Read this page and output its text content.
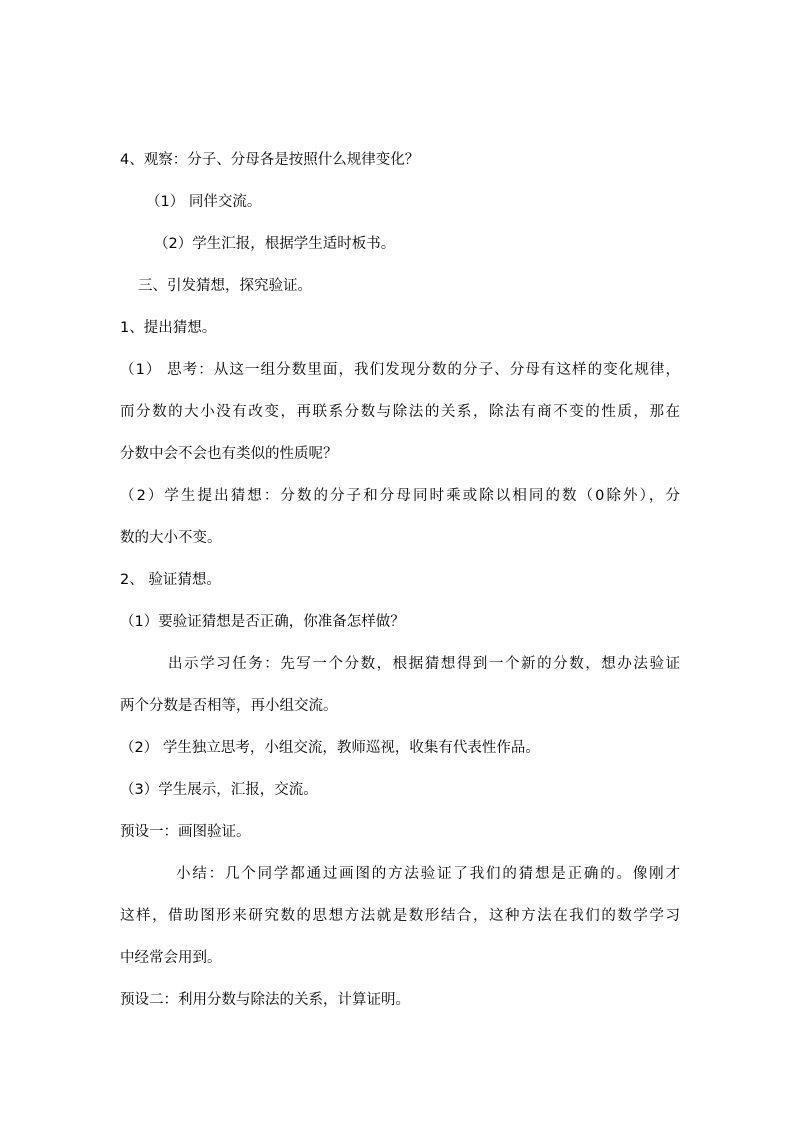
4、观察：分子、分母各是按照什么规律变化？
（1） 同伴交流。
（2）学生汇报，根据学生适时板书。
三、引发猜想，探究验证。
1、提出猜想。
（1） 思考：从这一组分数里面，我们发现分数的分子、分母有这样的变化规律，
而分数的大小没有改变，再联系分数与除法的关系，除法有商不变的性质，那在
分数中会不会也有类似的性质呢？
（2）学生提出猜想：分数的分子和分母同时乘或除以相同的数（0除外），分
数的大小不变。
2、 验证猜想。
（1）要验证猜想是否正确，你准备怎样做？
出示学习任务：先写一个分数，根据猜想得到一个新的分数，想办法验证
两个分数是否相等，再小组交流。
（2） 学生独立思考，小组交流，教师巡视，收集有代表性作品。
（3）学生展示，汇报，交流。
预设一：画图验证。
小结：几个同学都通过画图的方法验证了我们的猜想是正确的。像刚才
这样，借助图形来研究数的思想方法就是数形结合，这种方法在我们的数学学习
中经常会用到。
预设二：利用分数与除法的关系，计算证明。
